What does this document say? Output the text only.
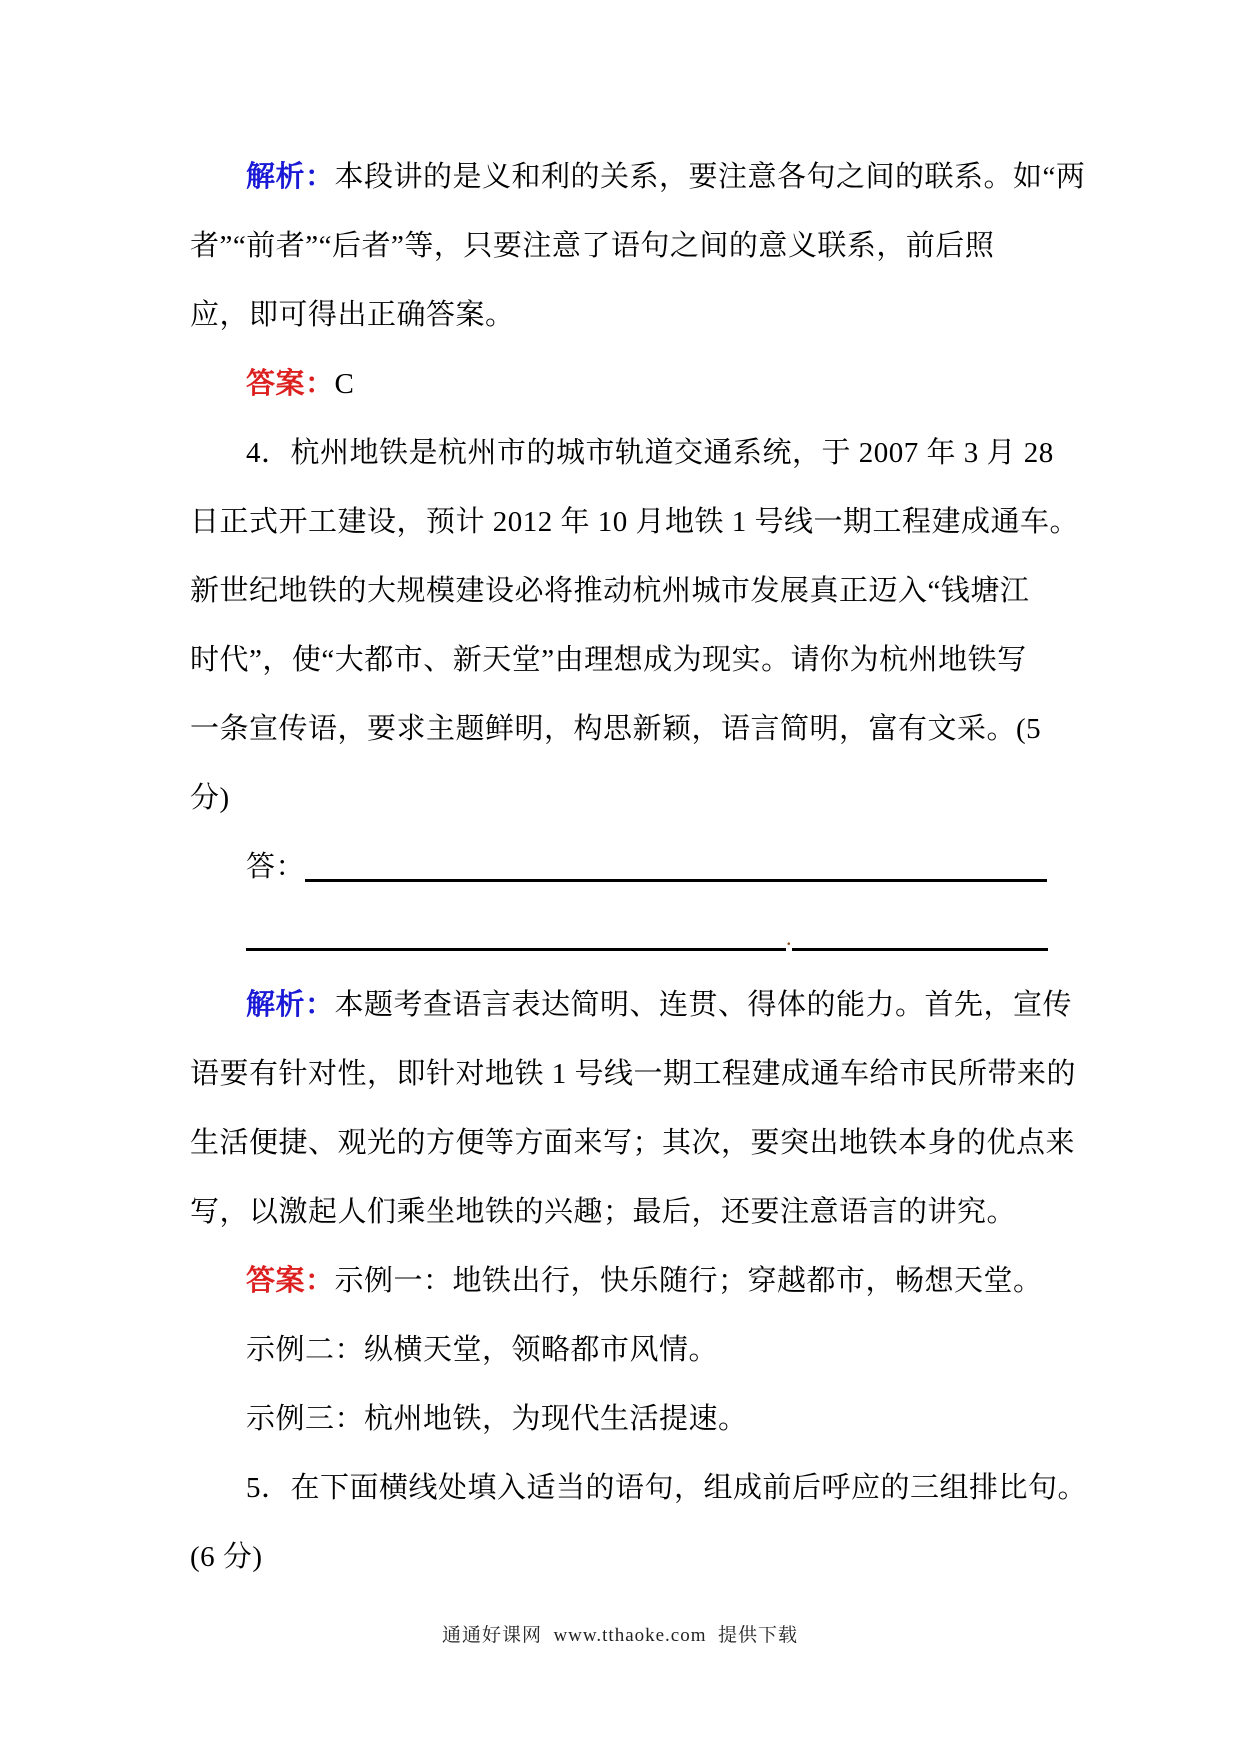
解析：本段讲的是义和利的关系，要注意各句之间的联系。如“两
者”“前者”“后者”等，只要注意了语句之间的意义联系，前后照
应，即可得出正确答案。
答案：C
4．杭州地铁是杭州市的城市轨道交通系统，于 2007 年 3 月 28
日正式开工建设，预计 2012 年 10 月地铁 1 号线一期工程建成通车。
新世纪地铁的大规模建设必将推动杭州城市发展真正迈入“钱塘江
时代”，使“大都市、新天堂”由理想成为现实。请你为杭州地铁写
一条宣传语，要求主题鲜明，构思新颖，语言简明，富有文采。(5
分)
答：
.
解析：本题考查语言表达简明、连贯、得体的能力。首先，宣传
语要有针对性，即针对地铁 1 号线一期工程建成通车给市民所带来的
生活便捷、观光的方便等方面来写；其次，要突出地铁本身的优点来
写，以激起人们乘坐地铁的兴趣；最后，还要注意语言的讲究。
答案：示例一：地铁出行，快乐随行；穿越都市，畅想天堂。
示例二：纵横天堂，领略都市风情。
示例三：杭州地铁，为现代生活提速。
5．在下面横线处填入适当的语句，组成前后呼应的三组排比句。
(6 分)
通通好课网  www.tthaoke.com  提供下载
